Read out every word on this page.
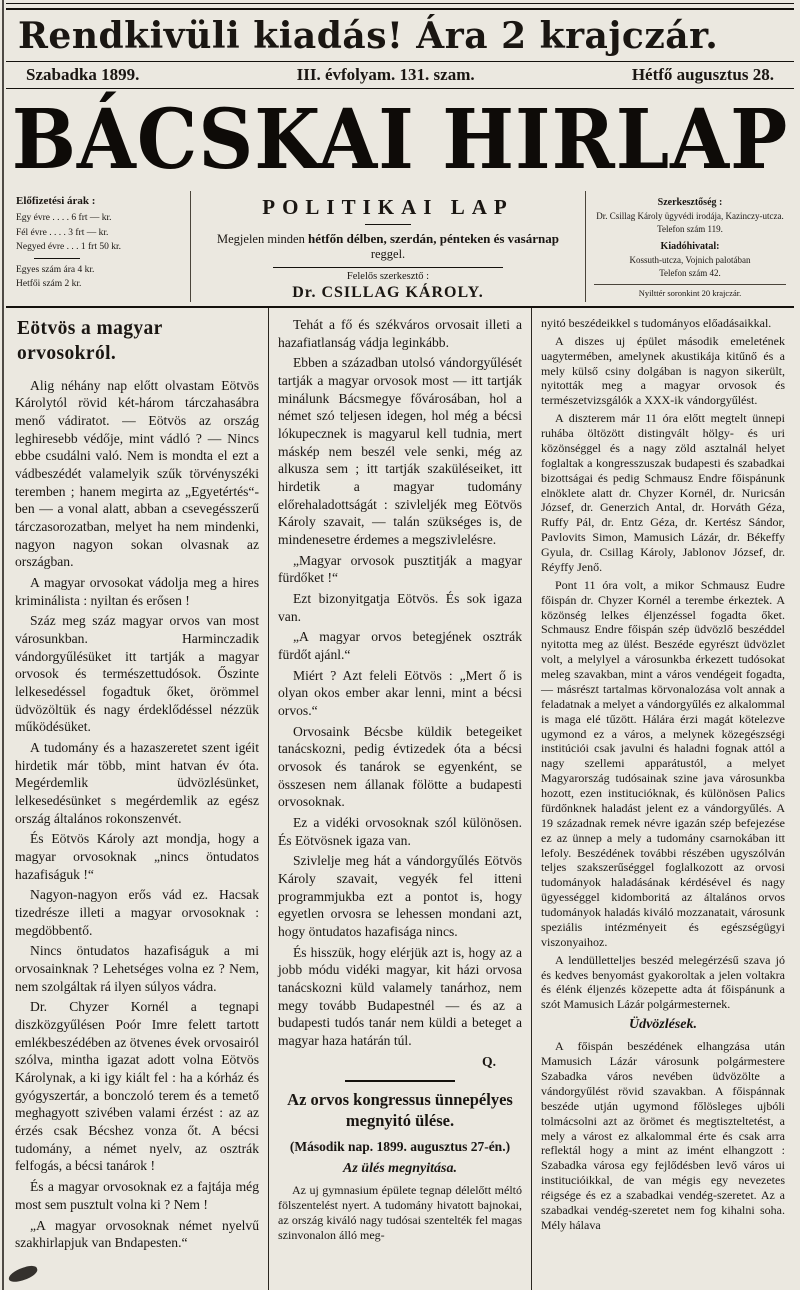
Rendkivüli kiadás! Ára 2 krajczár.
Szabadka 1899.	III. évfolyam. 131. szam.	Hétfő augusztus 28.
BÁCSKAI HIRLAP
Előfizetési árak :
Egy évre . . . . 6 frt — kr.
Fél évre . . . . 3 frt — kr.
Negyed évre . . . 1 frt 50 kr.
Egyes szám ára 4 kr.
Hetfői szám 2 kr.
POLITIKAI LAP
Megjelen minden hétfőn délben, szerdán, pénteken és vasárnap reggel.
Felelős szerkesztő :
Dr. CSILLAG KÁROLY.
Szerkesztőség :
Dr. Csillag Károly ügyvédi irodája, Kazinczy-utcza.
Telefon szám 119.
Kiadóhivatal:
Kossuth-utcza, Vojnich palotában
Telefon szám 42.
Nyilttér soronkint 20 krajczár.
Eötvös a magyar orvosokról.
Alig néhány nap előtt olvastam Eötvös Károlytól rövid két-három tárczahasábra menő vádiratot. — Eötvös az ország leghiresebb védője, mint vádló ? — Nincs ebbe csudálni való. Nem is mondta el ezt a vádbeszédét valamelyik szűk törvényszéki teremben ; hanem megirta az „Egyetértés“-ben — a vonal alatt, abban a csevegésszerű tárczasorozatban, melyet ha nem mindenki, nagyon nagyon sokan olvasnak az országban.
A magyar orvosokat vádolja meg a hires kriminálista : nyiltan és erősen !
Száz meg száz magyar orvos van most városunkban. Harminczadik vándorgyűlésüket itt tartják a magyar orvosok és természettudósok. Őszinte lelkesedéssel fogadtuk őket, örömmel üdvözöltük és nagy érdeklődéssel nézzük működésüket.
A tudomány és a hazaszeretet szent igéit hirdetik már több, mint hatvan év óta. Megérdemlik üdvözlésünket, lelkesedésünket s megérdemlik az egész ország általános rokonszenvét.
És Eötvös Károly azt mondja, hogy a magyar orvosoknak „nincs öntudatos hazafiságuk !“
Nagyon-nagyon erős vád ez. Hacsak tizedrésze illeti a magyar orvosoknak : megdöbbentő.
Nincs öntudatos hazafiságuk a mi orvosainknak ? Lehetséges volna ez ? Nem, nem szolgáltak rá ilyen súlyos vádra.
Dr. Chyzer Kornél a tegnapi diszközgyűlésen Poór Imre felett tartott emlékbeszédében az ötvenes évek orvosairól szólva, mintha igazat adott volna Eötvös Károlynak, a ki igy kiált fel : ha a kórház és gyógyszertár, a bonczoló terem és a temető meghagyott szivében valami érzést : az az érzés csak Bécshez vonza őt. A bécsi tudomány, a német nyelv, az osztrák felfogás, a bécsi tanárok !
És a magyar orvosoknak ez a fajtája még most sem pusztult volna ki ? Nem !
„A magyar orvosoknak német nyelvű szakhirlapjuk van Bndapesten.“
Tehát a fő és székváros orvosait illeti a hazafiatlanság vádja leginkább.
Ebben a században utolsó vándorgyűlését tartják a magyar orvosok most — itt tartják minálunk Bácsmegye fővárosában, hol a német szó teljesen idegen, hol még a bécsi lókupecznek is magyarul kell tudnia, mert máskép nem beszél vele senki, még az alkusza sem ; itt tartják szaküléseiket, itt hirdetik a magyar tudomány előrehaladottságát : szivleljék meg Eötvös Károly szavait, — talán szükséges is, de mindenesetre érdemes a megszivlelésre.
„Magyar orvosok pusztitják a magyar fürdőket !“
Ezt bizonyitgatja Eötvös. És sok igaza van.
„A magyar orvos betegjének osztrák fürdőt ajánl.“
Miért ? Azt feleli Eötvös : „Mert ő is olyan okos ember akar lenni, mint a bécsi orvos.“
Orvosaink Bécsbe küldik betegeiket tanácskozni, pedig évtizedek óta a bécsi orvosok és tanárok se egyenként, se összesen nem állanak fölötte a budapesti orvosoknak.
Ez a vidéki orvosoknak szól különösen. És Eötvösnek igaza van.
Szivlelje meg hát a vándorgyűlés Eötvös Károly szavait, vegyék fel itteni programmjukba ezt a pontot is, hogy egyetlen orvosra se lehessen mondani azt, hogy öntudatos hazafisága nincs.
És hisszük, hogy elérjük azt is, hogy az a jobb módu vidéki magyar, kit házi orvosa tanácskozni küld valamely tanárhoz, nem megy tovább Budapestnél — és az a budapesti tudós tanár nem küldi a beteget a magyar haza határán túl.
Q.
Az orvos kongressus ünnepélyes megnyitó ülése.
(Második nap. 1899. augusztus 27-én.)
Az ülés megnyitása.
Az uj gymnasium épülete tegnap délelőtt méltó fölszentelést nyert. A tudomány hivatott bajnokai, az ország kiváló nagy tudósai szentelték fel magas szinvonalon álló meg-
nyitó beszédeikkel s tudományos előadásaikkal.
A diszes uj épület második emeletének uagytermében, amelynek akustikája kitűnő és a mely külső csiny dolgában is nagyon sikerült, nyitották meg a magyar orvosok és természetvizsgálók a XXX-ik vándorgyűlést.
A diszterem már 11 óra előtt megtelt ünnepi ruhába öltözött distingvált hölgy- és uri közönséggel és a nagy zöld asztalnál helyet foglaltak a kongresszuszak budapesti és szabadkai bizottságai és pedig Schmausz Endre főispánunk elnöklete alatt dr. Chyzer Kornél, dr. Nuricsán József, dr. Generzich Antal, dr. Horváth Géza, Ruffy Pál, dr. Entz Géza, dr. Kertész Sándor, Pavlovits Simon, Mamusich Lázár, dr. Békeffy Gyula, dr. Csillag Károly, Jablonov József, dr. Réyffy Jenő.
Pont 11 óra volt, a mikor Schmausz Eudre főispán dr. Chyzer Kornél a terembe érkeztek. A közönség lelkes éljenzéssel fogadta őket. Schmausz Endre főispán szép üdvözlő beszéddel nyitotta meg az ülést. Beszéde egyrészt üdvözlet volt, a melylyel a városunkba érkezett tudósokat meleg szavakban, mint a város vendégeit fogadta, — másrészt tartalmas körvonalozása volt annak a feladatnak a melyet a vándorgyűlés ez alkalommal is maga elé tűzött. Hálára érzi magát kötelezve ugymond ez a város, a melynek közegészségi institúciói csak javulni és haladni fognak attól a nagy szellemi apparátustól, a melyet Magyarország tudósainak szine java városunkba hozott, ezen institucióknak, és különösen Palics fürdőnknek haladást jelent ez a vándorgyűlés. A 19 századnak remek névre igazán szép befejezése ez az ünnep a mely a tudomány csarnokában itt lefoly. Beszédének további részében ugyszólván teljes szakszerűséggel foglalkozott az orvosi tudományok haladásának kérdésével és nagy ügyességgel kidomboritá az általános orvos tudományok haladás kiváló mozzanatait, városunk speziális intézményeit és egészségügyi viszonyaihoz.
A lendülletteljes beszéd melegérzésű szava jó és kedves benyomást gyakoroltak a jelen voltakra és élénk éljenzés közepette adta át főispánunk a szót Mamusich Lázár polgármesternek.
Üdvözlések.
A főispán beszédének elhangzása után Mamusich Lázár városunk polgármestere Szabadka város nevében üdvözölte a vándorgyűlést rövid szavakban. A főispánnak beszéde utján ugymond főlösleges ujbóli tolmácsolni azt az örömet és megtiszteltetést, a mely a várost ez alkalommal érte és csak arra reflektál hogy a mint az imént elhangzott : Szabadka városa egy fejlődésben levő város ui institucióikkal, de van mégis egy nevezetes réigsége és ez a szabadkai vendég-szeretet. Az a szabadkai vendég-szeretet nem fog kihalni soha. Mély hálava
